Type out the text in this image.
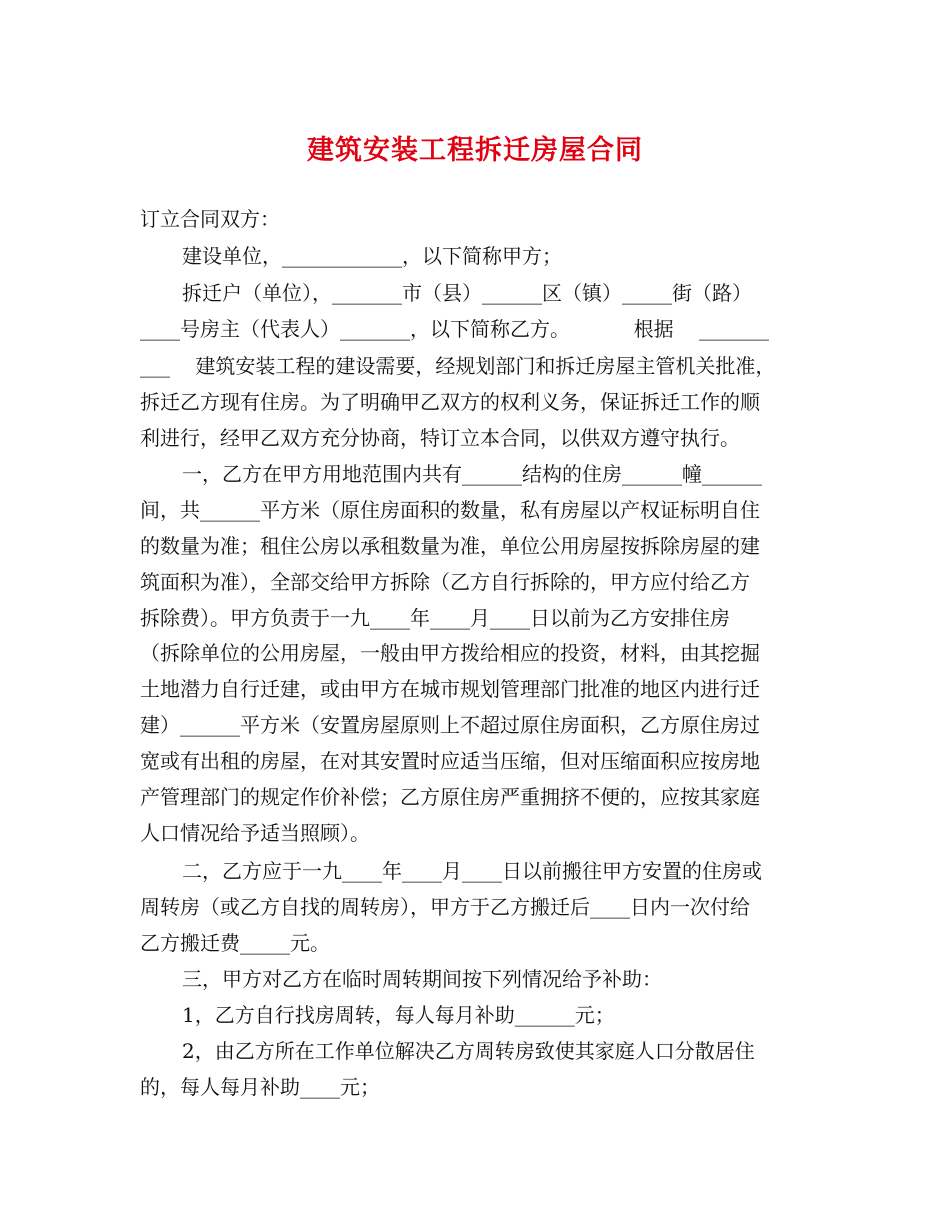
建筑安装工程拆迁房屋合同
订立合同双方：
建设单位，____________，以下简称甲方；
拆迁户（单位），_______市（县）______区（镇）_____街（路）
____号房主（代表人）_______，以下简称乙方。          根据    _______
___    建筑安装工程的建设需要，经规划部门和拆迁房屋主管机关批准，
拆迁乙方现有住房。为了明确甲乙双方的权利义务，保证拆迁工作的顺
利进行，经甲乙双方充分协商，特订立本合同，以供双方遵守执行。
一，乙方在甲方用地范围内共有______结构的住房______幢______
间，共______平方米（原住房面积的数量，私有房屋以产权证标明自住
的数量为准；租住公房以承租数量为准，单位公用房屋按拆除房屋的建
筑面积为准），全部交给甲方拆除（乙方自行拆除的，甲方应付给乙方
拆除费）。甲方负责于一九____年____月____日以前为乙方安排住房
（拆除单位的公用房屋，一般由甲方拨给相应的投资，材料，由其挖掘
土地潜力自行迁建，或由甲方在城市规划管理部门批准的地区内进行迁
建）______平方米（安置房屋原则上不超过原住房面积，乙方原住房过
宽或有出租的房屋，在对其安置时应适当压缩，但对压缩面积应按房地
产管理部门的规定作价补偿；乙方原住房严重拥挤不便的，应按其家庭
人口情况给予适当照顾）。
二，乙方应于一九____年____月____日以前搬往甲方安置的住房或
周转房（或乙方自找的周转房），甲方于乙方搬迁后____日内一次付给
乙方搬迁费_____元。
三，甲方对乙方在临时周转期间按下列情况给予补助：
1，乙方自行找房周转，每人每月补助______元；
2，由乙方所在工作单位解决乙方周转房致使其家庭人口分散居住
的，每人每月补助____元；
